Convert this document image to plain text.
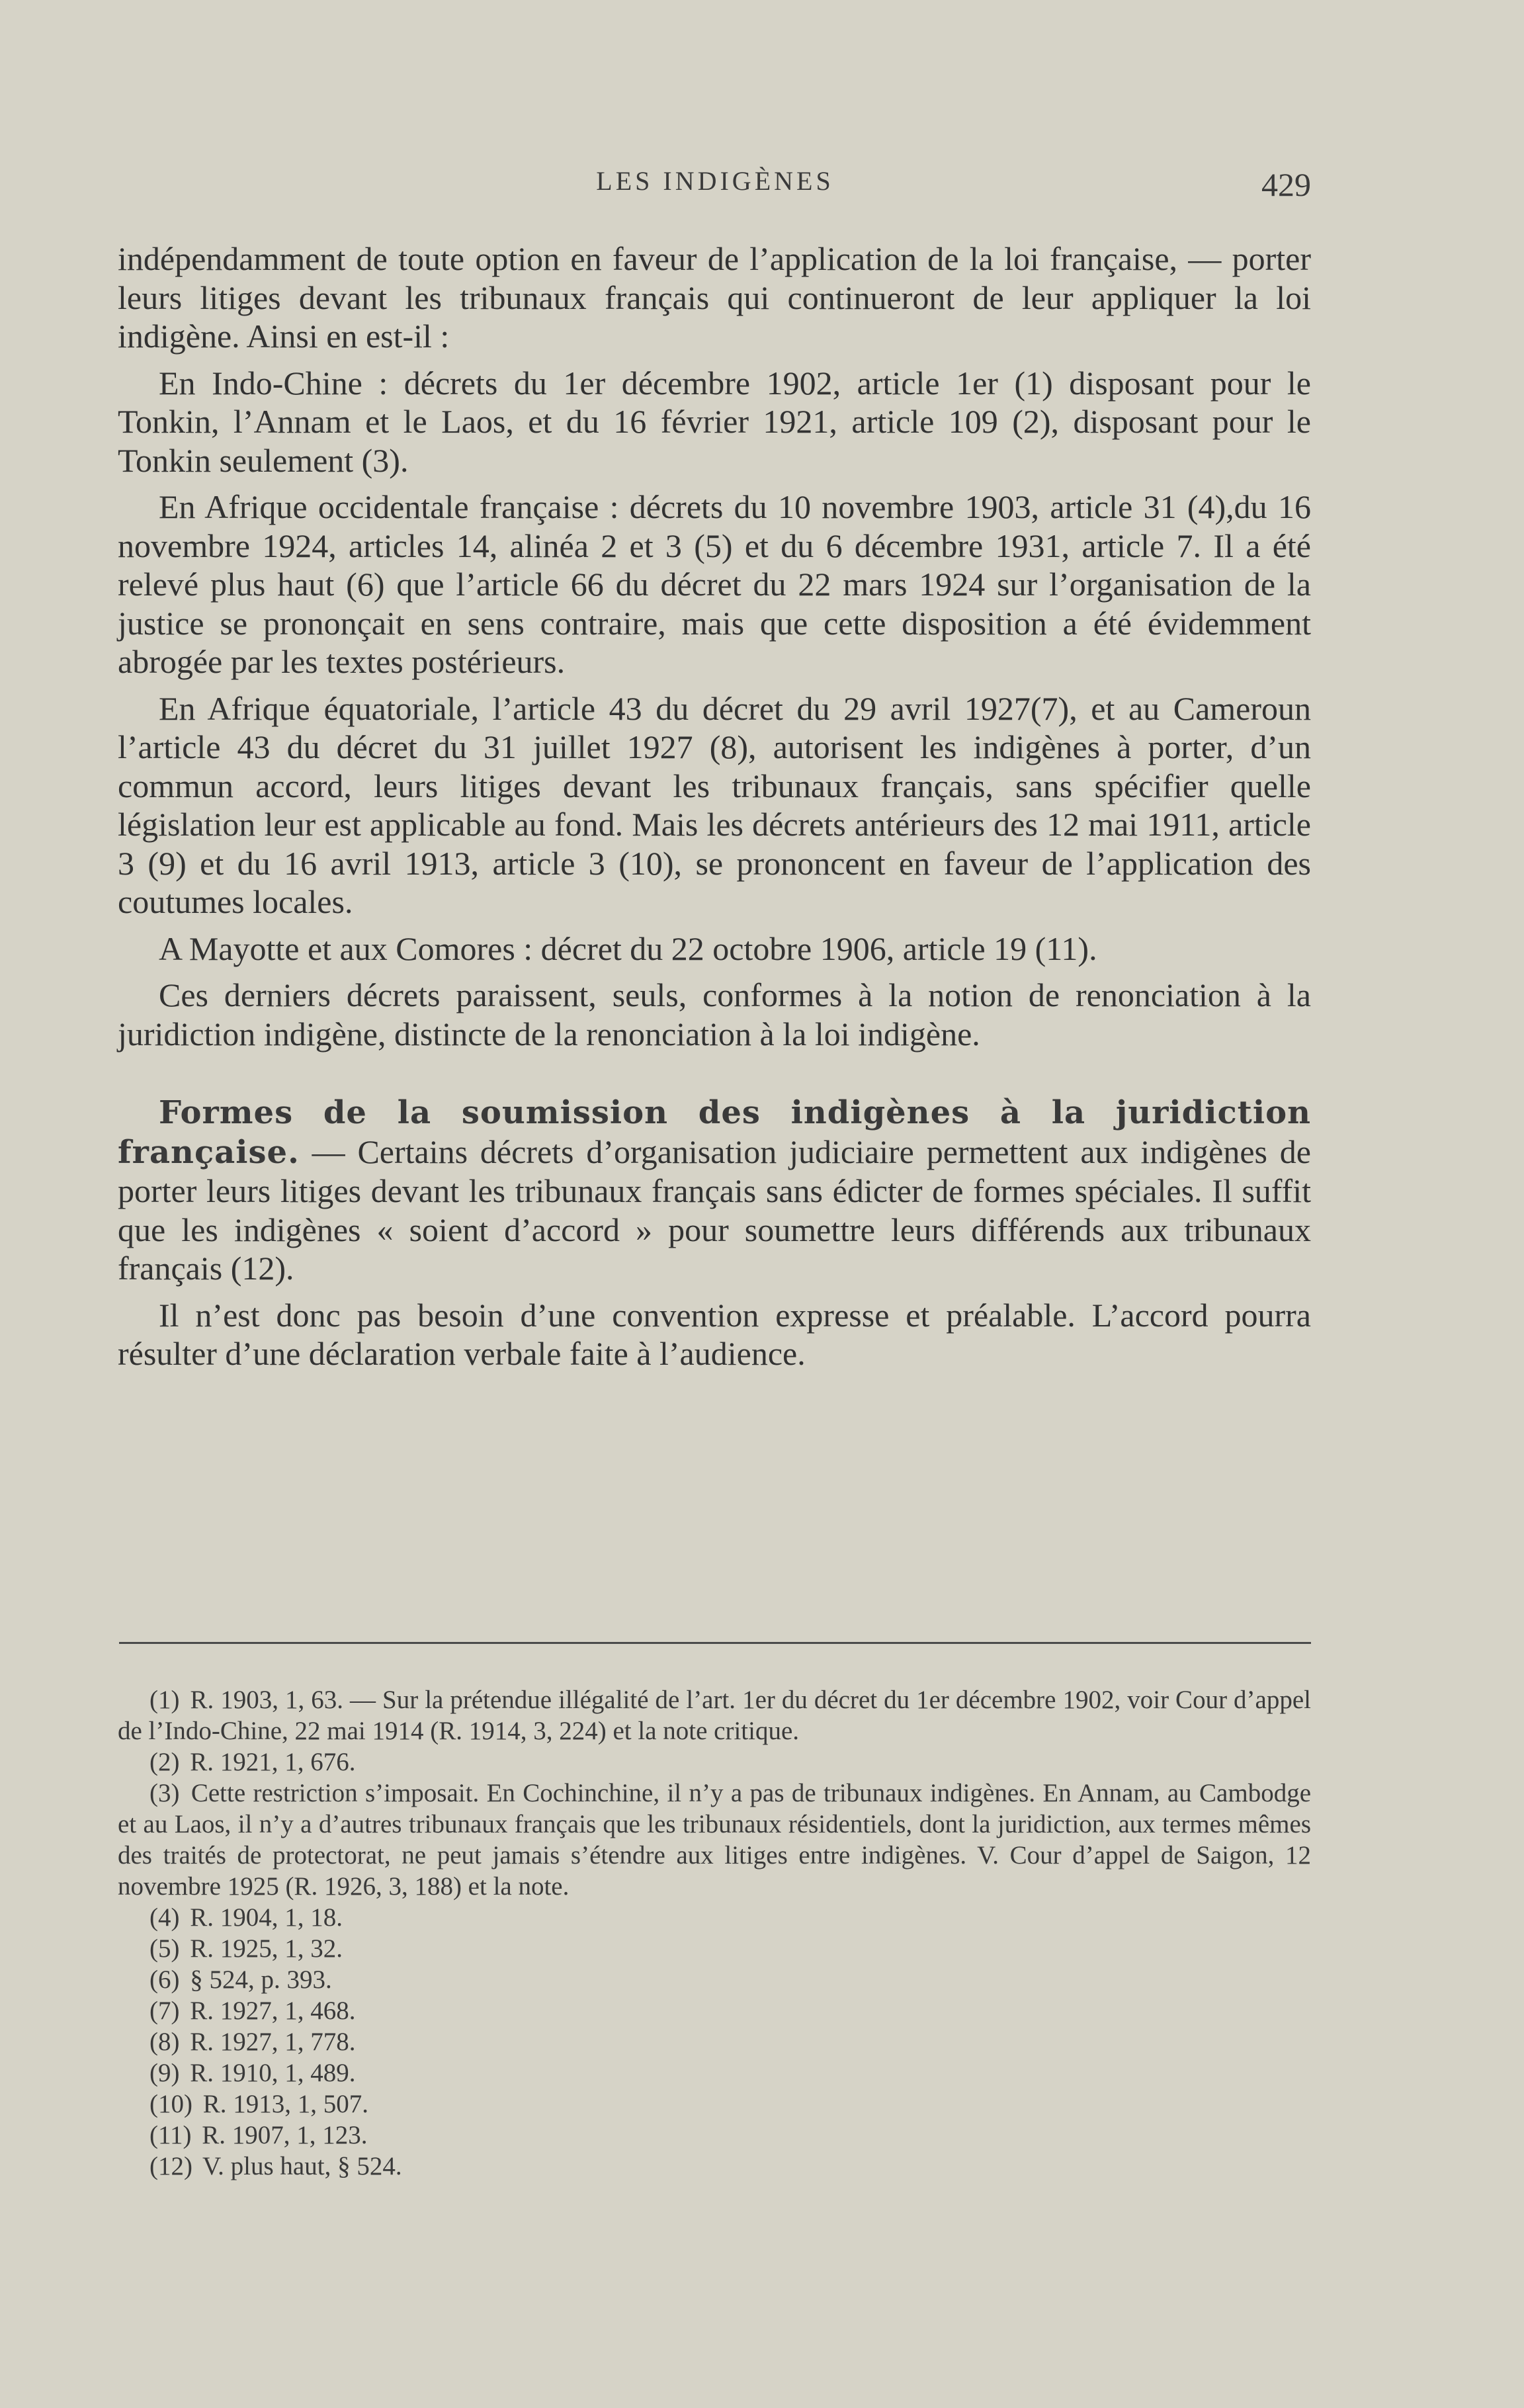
LES INDIGÈNES	429

indépendamment de toute option en faveur de l’application de la loi française, — porter leurs litiges devant les tribunaux français qui continueront de leur appliquer la loi indigène. Ainsi en est-il :

En Indo-Chine : décrets du 1er décembre 1902, article 1er (1) disposant pour le Tonkin, l’Annam et le Laos, et du 16 février 1921, article 109 (2), disposant pour le Tonkin seulement (3).

En Afrique occidentale française : décrets du 10 novembre 1903, article 31 (4),du 16 novembre 1924, articles 14, alinéa 2 et 3 (5) et du 6 décembre 1931, article 7. Il a été relevé plus haut (6) que l’article 66 du décret du 22 mars 1924 sur l’organisation de la justice se prononçait en sens contraire, mais que cette disposition a été évidemment abrogée par les textes postérieurs.

En Afrique équatoriale, l’article 43 du décret du 29 avril 1927(7), et au Cameroun l’article 43 du décret du 31 juillet 1927 (8), autorisent les indigènes à porter, d’un commun accord, leurs litiges devant les tribunaux français, sans spécifier quelle législation leur est applicable au fond. Mais les décrets antérieurs des 12 mai 1911, article 3 (9) et du 16 avril 1913, article 3 (10), se prononcent en faveur de l’application des coutumes locales.

A Mayotte et aux Comores : décret du 22 octobre 1906, article 19 (11).

Ces derniers décrets paraissent, seuls, conformes à la notion de renonciation à la juridiction indigène, distincte de la renonciation à la loi indigène.

Formes de la soumission des indigènes à la juridiction française. — Certains décrets d’organisation judiciaire permettent aux indigènes de porter leurs litiges devant les tribunaux français sans édicter de formes spéciales. Il suffit que les indigènes « soient d’accord » pour soumettre leurs différends aux tribunaux français (12).

Il n’est donc pas besoin d’une convention expresse et préalable. L’accord pourra résulter d’une déclaration verbale faite à l’audience.

(1) R. 1903, 1, 63. — Sur la prétendue illégalité de l’art. 1er du décret du 1er décembre 1902, voir Cour d’appel de l’Indo-Chine, 22 mai 1914 (R. 1914, 3, 224) et la note critique.

(2) R. 1921, 1, 676.

(3) Cette restriction s’imposait. En Cochinchine, il n’y a pas de tribunaux indigènes. En Annam, au Cambodge et au Laos, il n’y a d’autres tribunaux français que les tribunaux résidentiels, dont la juridiction, aux termes mêmes des traités de protectorat, ne peut jamais s’étendre aux litiges entre indigènes. V. Cour d’appel de Saigon, 12 novembre 1925 (R. 1926, 3, 188) et la note.

(4) R. 1904, 1, 18.

(5) R. 1925, 1, 32.

(6) § 524, p. 393.

(7) R. 1927, 1, 468.

(8) R. 1927, 1, 778.

(9) R. 1910, 1, 489.

(10) R. 1913, 1, 507.

(11) R. 1907, 1, 123.

(12) V. plus haut, § 524.
